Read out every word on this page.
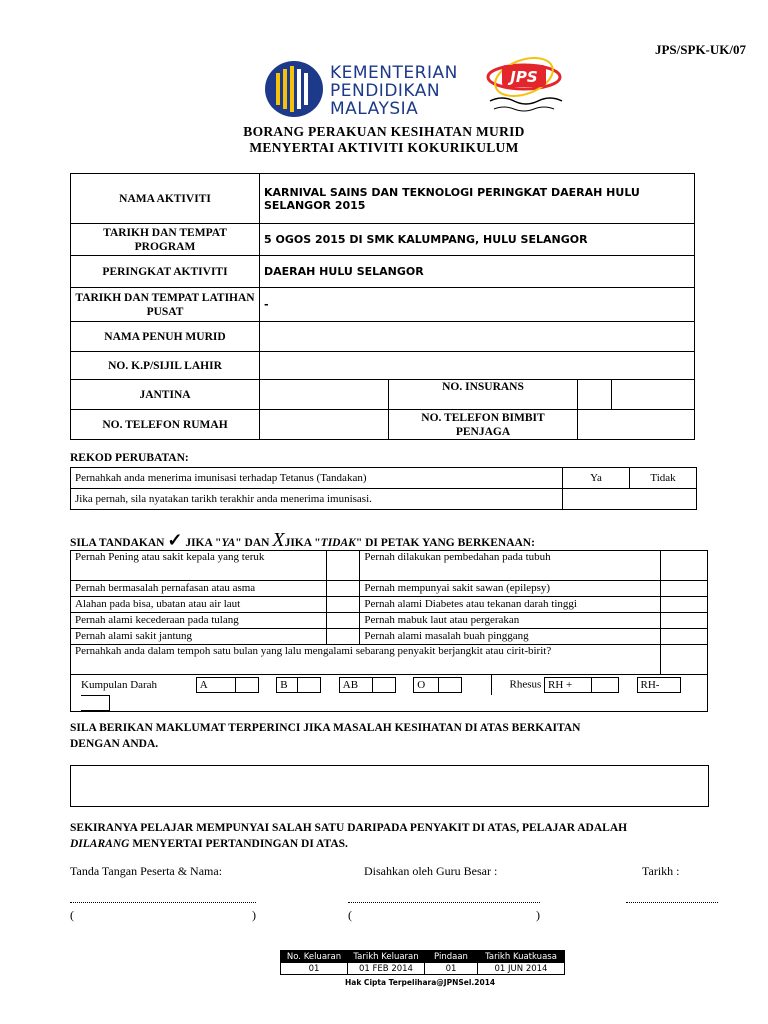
JPS/SPK-UK/07
KEMENTERIAN
PENDIDIKAN
MALAYSIA
JPS
BORANG PERAKUAN KESIHATAN MURID
MENYERTAI AKTIVITI KOKURIKULUM
NAMA AKTIVITI	KARNIVAL SAINS DAN TEKNOLOGI PERINGKAT DAERAH HULU SELANGOR 2015			
TARIKH DAN TEMPAT PROGRAM	5 OGOS 2015 DI SMK KALUMPANG, HULU SELANGOR			
PERINGKAT AKTIVITI	DAERAH HULU SELANGOR			
TARIKH DAN TEMPAT LATIHAN PUSAT	-			
NAMA PENUH MURID				
NO. K.P/SIJIL LAHIR				
JANTINA		NO. INSURANS		
NO. TELEFON RUMAH		NO. TELEFON BIMBIT PENJAGA		
REKOD PERUBATAN:
Pernahkah anda menerima imunisasi terhadap Tetanus (Tandakan)	Ya	Tidak
Jika pernah, sila nyatakan tarikh terakhir anda menerima imunisasi.		
SILA TANDAKAN ✓ JIKA "YA" DAN XJIKA "TIDAK" DI PETAK YANG BERKENAAN:
Pernah Pening atau sakit kepala yang teruk		Pernah dilakukan pembedahan pada tubuh	
Pernah bermasalah pernafasan atau asma		Pernah mempunyai sakit sawan (epilepsy)	
Alahan pada bisa, ubatan atau air laut		Pernah alami Diabetes atau tekanan darah tinggi	
Pernah alami kecederaan pada tulang		Pernah mabuk laut atau pergerakan	
Pernah alami sakit jantung		Pernah alami masalah buah pinggang	
Pernahkah anda dalam tempoh satu bulan yang lalu mengalami sebarang penyakit berjangkit atau cirit-birit?			
Kumpulan Darah A B AB O Rhesus RH + RH-			
SILA BERIKAN MAKLUMAT TERPERINCI JIKA MASALAH KESIHATAN DI ATAS BERKAITAN
DENGAN ANDA.
SEKIRANYA PELAJAR MEMPUNYAI SALAH SATU DARIPADA PENYAKIT DI ATAS, PELAJAR ADALAH
DILARANG MENYERTAI PERTANDINGAN DI ATAS.
Tanda Tangan Peserta & Nama:	Disahkan oleh Guru Besar :	Tarikh :
(	)	(	)
No. Keluaran	Tarikh Keluaran	Pindaan	Tarikh Kuatkuasa
01	01 FEB 2014	01	01 JUN 2014
Hak Cipta Terpelihara@JPNSel.2014
